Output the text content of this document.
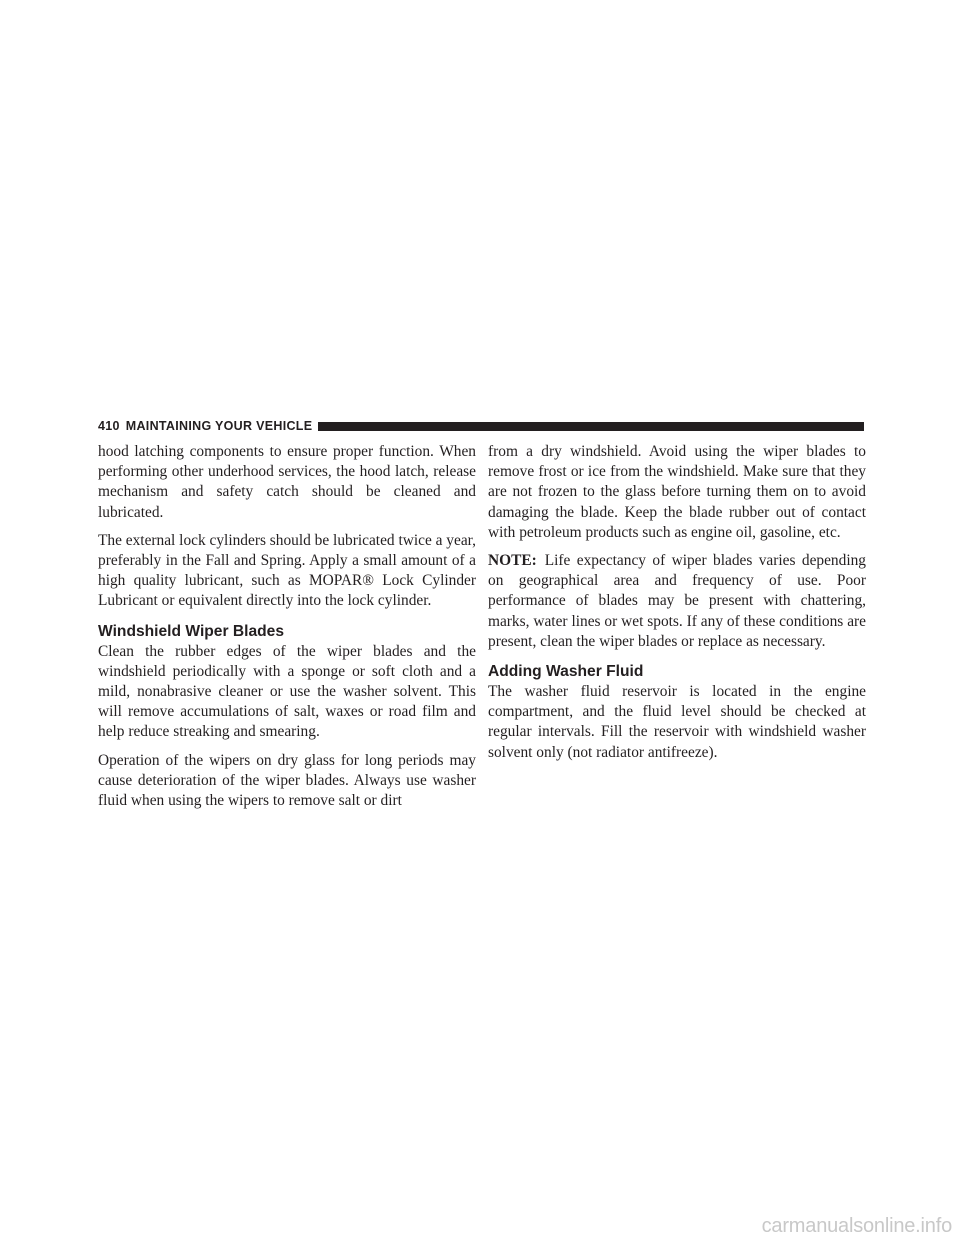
410 MAINTAINING YOUR VEHICLE

hood latching components to ensure proper function. When performing other underhood services, the hood latch, release mechanism and safety catch should be cleaned and lubricated.

The external lock cylinders should be lubricated twice a year, preferably in the Fall and Spring. Apply a small amount of a high quality lubricant, such as MOPAR® Lock Cylinder Lubricant or equivalent directly into the lock cylinder.

Windshield Wiper Blades

Clean the rubber edges of the wiper blades and the windshield periodically with a sponge or soft cloth and a mild, nonabrasive cleaner or use the washer solvent. This will remove accumulations of salt, waxes or road film and help reduce streaking and smearing.

Operation of the wipers on dry glass for long periods may cause deterioration of the wiper blades. Always use washer fluid when using the wipers to remove salt or dirt

from a dry windshield. Avoid using the wiper blades to remove frost or ice from the windshield. Make sure that they are not frozen to the glass before turning them on to avoid damaging the blade. Keep the blade rubber out of contact with petroleum products such as engine oil, gasoline, etc.

NOTE: Life expectancy of wiper blades varies depending on geographical area and frequency of use. Poor performance of blades may be present with chattering, marks, water lines or wet spots. If any of these conditions are present, clean the wiper blades or replace as necessary.

Adding Washer Fluid

The washer fluid reservoir is located in the engine compartment, and the fluid level should be checked at regular intervals. Fill the reservoir with windshield washer solvent only (not radiator antifreeze).

carmanualsonline.info
